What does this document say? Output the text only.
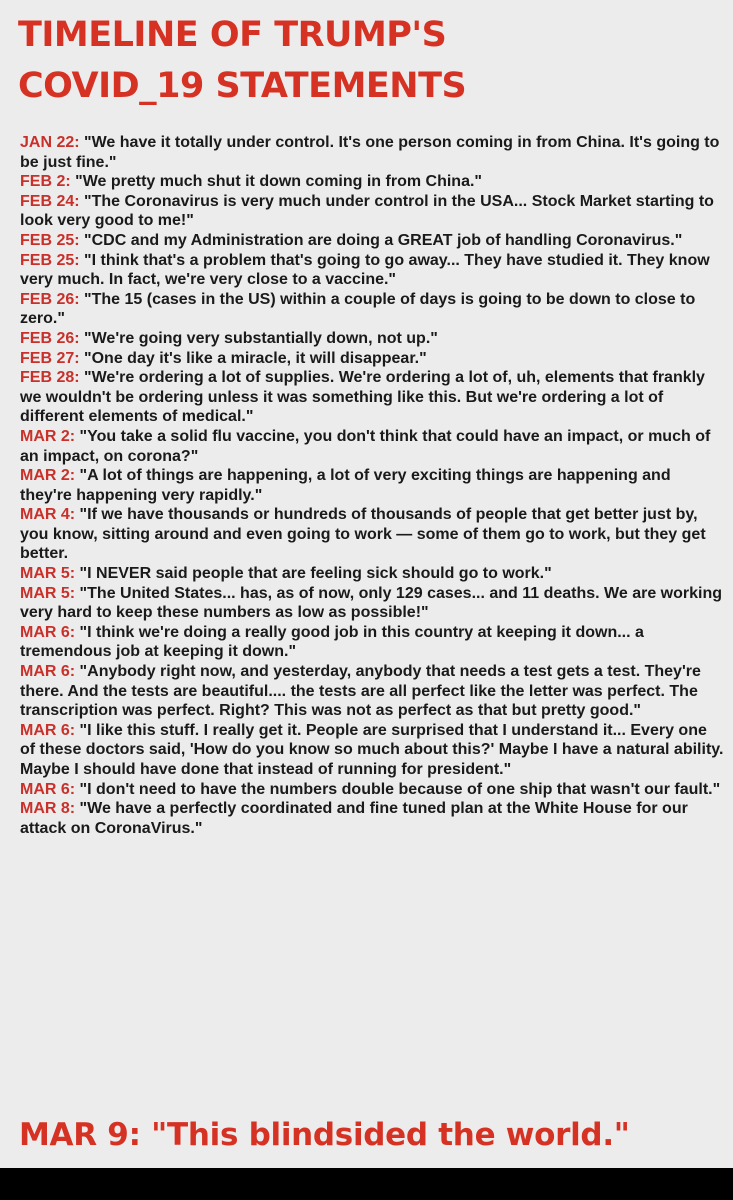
TIMELINE OF TRUMP'S
COVID_19 STATEMENTS

JAN 22: "We have it totally under control. It's one person coming in from China. It's going to be just fine."

FEB 2: "We pretty much shut it down coming in from China."

FEB 24: "The Coronavirus is very much under control in the USA... Stock Market starting to look very good to me!"

FEB 25: "CDC and my Administration are doing a GREAT job of handling Coronavirus."

FEB 25: "I think that's a problem that's going to go away... They have studied it. They know very much. In fact, we're very close to a vaccine."

FEB 26: "The 15 (cases in the US) within a couple of days is going to be down to close to zero."

FEB 26: "We're going very substantially down, not up."

FEB 27: "One day it's like a miracle, it will disappear."

FEB 28: "We're ordering a lot of supplies. We're ordering a lot of, uh, elements that frankly we wouldn't be ordering unless it was something like this. But we're ordering a lot of different elements of medical."

MAR 2: "You take a solid flu vaccine, you don't think that could have an impact, or much of an impact, on corona?"

MAR 2: "A lot of things are happening, a lot of very exciting things are happening and they're happening very rapidly."

MAR 4: "If we have thousands or hundreds of thousands of people that get better just by, you know, sitting around and even going to work — some of them go to work, but they get better.

MAR 5: "I NEVER said people that are feeling sick should go to work."

MAR 5: "The United States... has, as of now, only 129 cases... and 11 deaths. We are working very hard to keep these numbers as low as possible!"

MAR 6: "I think we're doing a really good job in this country at keeping it down... a tremendous job at keeping it down."

MAR 6: "Anybody right now, and yesterday, anybody that needs a test gets a test. They're there. And the tests are beautiful.... the tests are all perfect like the letter was perfect. The transcription was perfect. Right? This was not as perfect as that but pretty good."

MAR 6: "I like this stuff. I really get it. People are surprised that I understand it... Every one of these doctors said, 'How do you know so much about this?' Maybe I have a natural ability. Maybe I should have done that instead of running for president."

MAR 6: "I don't need to have the numbers double because of one ship that wasn't our fault."

MAR 8: "We have a perfectly coordinated and fine tuned plan at the White House for our attack on CoronaVirus."

MAR 9: "This blindsided the world."
